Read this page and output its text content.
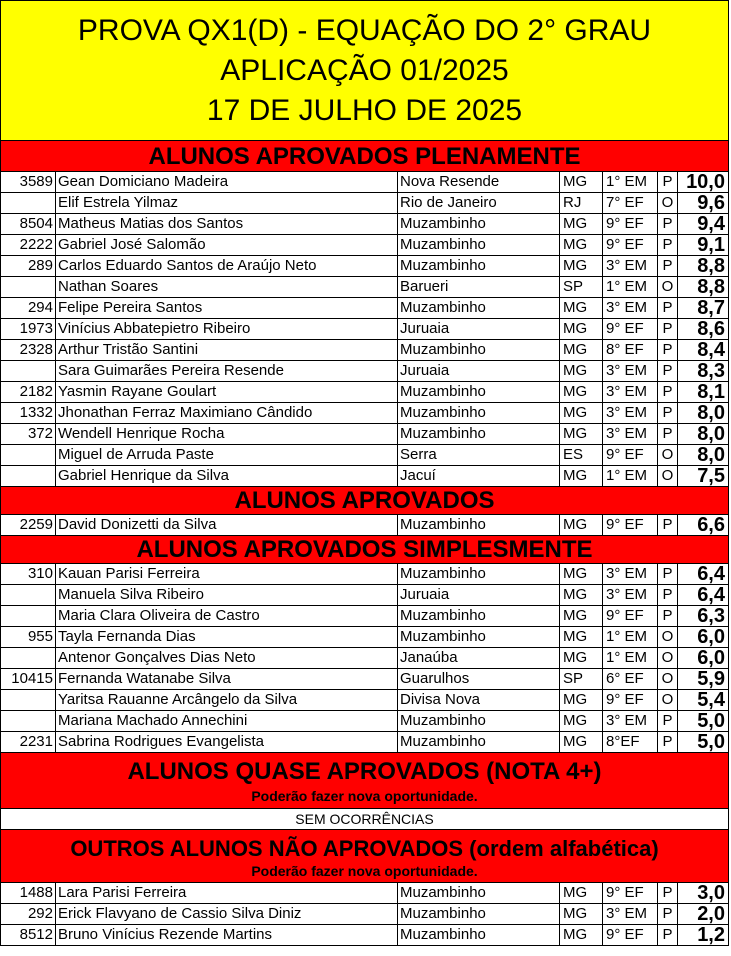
PROVA QX1(D) - EQUAÇÃO DO 2° GRAU
APLICAÇÃO 01/2025
17 DE JULHO DE 2025
ALUNOS APROVADOS PLENAMENTE
3589 Gean Domiciano Madeira	Nova Resende	MG	1° EM	P 10,0
Elif Estrela Yilmaz	Rio de Janeiro	RJ	7° EF	O	9,6
8504 Matheus Matias dos Santos	Muzambinho	MG	9° EF	P	9,4
2222 Gabriel José Salomão	Muzambinho	MG	9° EF	P	9,1
289 Carlos Eduardo Santos de Araújo Neto	Muzambinho	MG	3° EM	P	8,8
Nathan Soares	Barueri	SP	1° EM O	8,8
294 Felipe Pereira Santos	Muzambinho	MG	3° EM	P	8,7
1973 Vinícius Abbatepietro Ribeiro	Juruaia	MG	9° EF	P	8,6
2328 Arthur Tristão Santini	Muzambinho	MG	8° EF	P	8,4
Sara Guimarães Pereira Resende	Juruaia	MG	3° EM	P	8,3
2182 Yasmin Rayane Goulart	Muzambinho	MG	3° EM	P	8,1
1332 Jhonathan Ferraz Maximiano Cândido	Muzambinho	MG	3° EM	P	8,0
372 Wendell Henrique Rocha	Muzambinho	MG	3° EM	P	8,0
Miguel de Arruda Paste	Serra	ES	9° EF	O	8,0
Gabriel Henrique da Silva	Jacuí	MG	1° EM O	7,5
ALUNOS APROVADOS
2259 David Donizetti da Silva	Muzambinho	MG	9° EF	P	6,6
ALUNOS APROVADOS SIMPLESMENTE
310 Kauan Parisi Ferreira	Muzambinho	MG	3° EM	P	6,4
Manuela Silva Ribeiro	Juruaia	MG	3° EM	P	6,4
Maria Clara Oliveira de Castro	Muzambinho	MG	9° EF	P	6,3
955 Tayla Fernanda Dias	Muzambinho	MG	1° EM O	6,0
Antenor Gonçalves Dias Neto	Janaúba	MG	1° EM O	6,0
10415 Fernanda Watanabe Silva	Guarulhos	SP	6° EF	O	5,9
Yaritsa Rauanne Arcângelo da Silva	Divisa Nova	MG	9° EF	O	5,4
Mariana Machado Annechini	Muzambinho	MG	3° EM	P	5,0
2231 Sabrina Rodrigues Evangelista	Muzambinho	MG	8°EF	P	5,0
ALUNOS QUASE APROVADOS (NOTA 4+)
Poderão fazer nova oportunidade.
SEM OCORRÊNCIAS
OUTROS ALUNOS NÃO APROVADOS (ordem alfabética)
Poderão fazer nova oportunidade.
1488 Lara Parisi Ferreira	Muzambinho	MG	9° EF	P	3,0
292 Erick Flavyano de Cassio Silva Diniz	Muzambinho	MG	3° EM	P	2,0
8512 Bruno Vinícius Rezende Martins	Muzambinho	MG	9° EF	P	1,2
